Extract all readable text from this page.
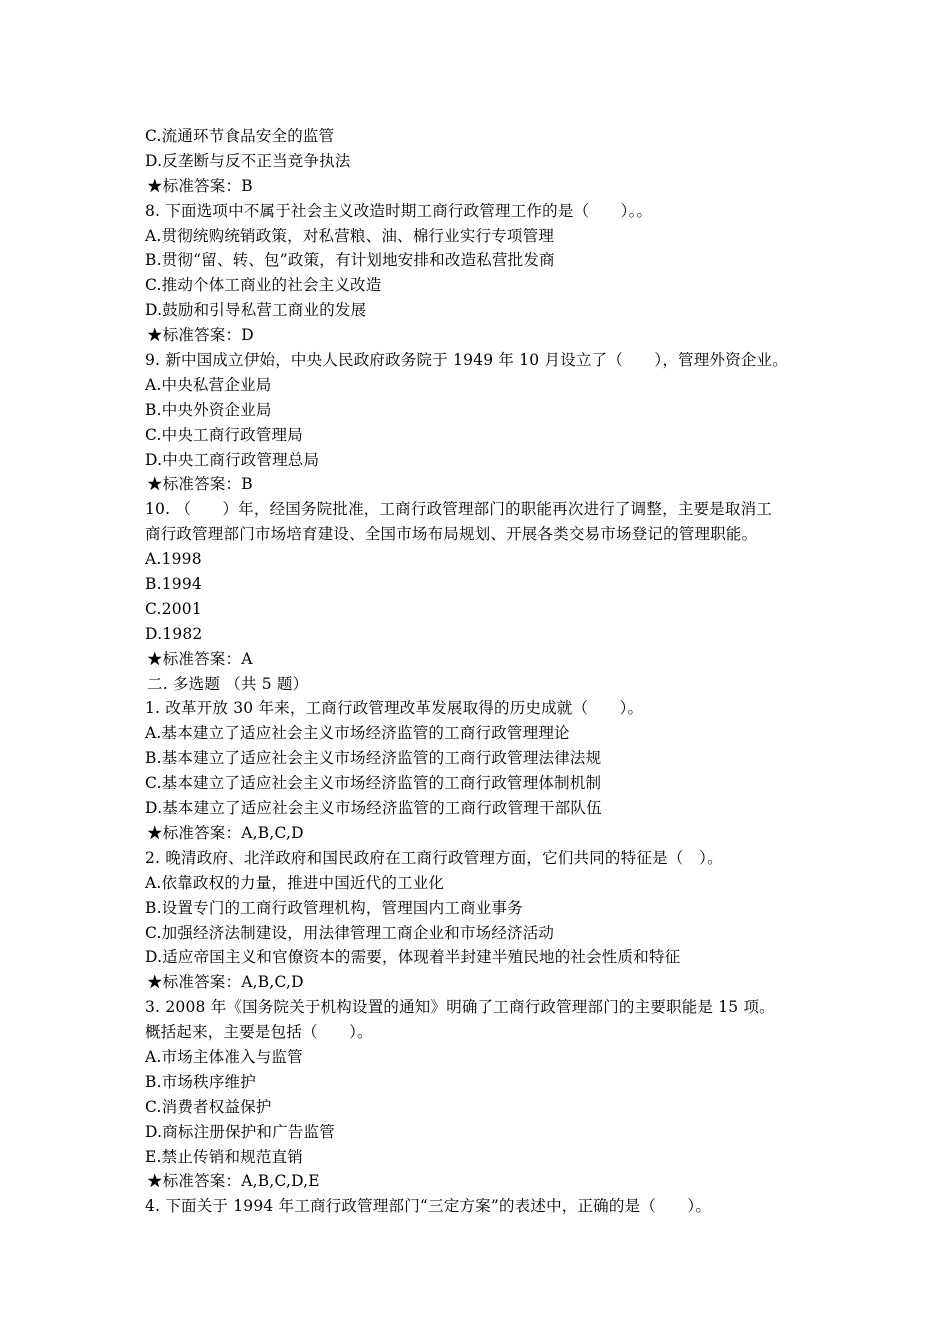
C.流通环节食品安全的监管
D.反垄断与反不正当竞争执法
★标准答案：B
8. 下面选项中不属于社会主义改造时期工商行政管理工作的是（　　）。。
A.贯彻统购统销政策，对私营粮、油、棉行业实行专项管理
B.贯彻“留、转、包”政策，有计划地安排和改造私营批发商
C.推动个体工商业的社会主义改造
D.鼓励和引导私营工商业的发展
★标准答案：D
9. 新中国成立伊始，中央人民政府政务院于 1949 年 10 月设立了（　　），管理外资企业。
A.中央私营企业局
B.中央外资企业局
C.中央工商行政管理局
D.中央工商行政管理总局
★标准答案：B
10. （　　）年，经国务院批准，工商行政管理部门的职能再次进行了调整，主要是取消工
商行政管理部门市场培育建设、全国市场布局规划、开展各类交易市场登记的管理职能。
A.1998
B.1994
C.2001
D.1982
★标准答案：A
二. 多选题 （共 5 题）
1. 改革开放 30 年来，工商行政管理改革发展取得的历史成就（　　）。
A.基本建立了适应社会主义市场经济监管的工商行政管理理论
B.基本建立了适应社会主义市场经济监管的工商行政管理法律法规
C.基本建立了适应社会主义市场经济监管的工商行政管理体制机制
D.基本建立了适应社会主义市场经济监管的工商行政管理干部队伍
★标准答案：A,B,C,D
2. 晚清政府、北洋政府和国民政府在工商行政管理方面，它们共同的特征是（　）。
A.依靠政权的力量，推进中国近代的工业化
B.设置专门的工商行政管理机构，管理国内工商业事务
C.加强经济法制建设，用法律管理工商企业和市场经济活动
D.适应帝国主义和官僚资本的需要，体现着半封建半殖民地的社会性质和特征
★标准答案：A,B,C,D
3. 2008 年《国务院关于机构设置的通知》明确了工商行政管理部门的主要职能是 15 项。
概括起来，主要是包括（　　）。
A.市场主体准入与监管
B.市场秩序维护
C.消费者权益保护
D.商标注册保护和广告监管
E.禁止传销和规范直销
★标准答案：A,B,C,D,E
4. 下面关于 1994 年工商行政管理部门“三定方案”的表述中，正确的是（　　）。
